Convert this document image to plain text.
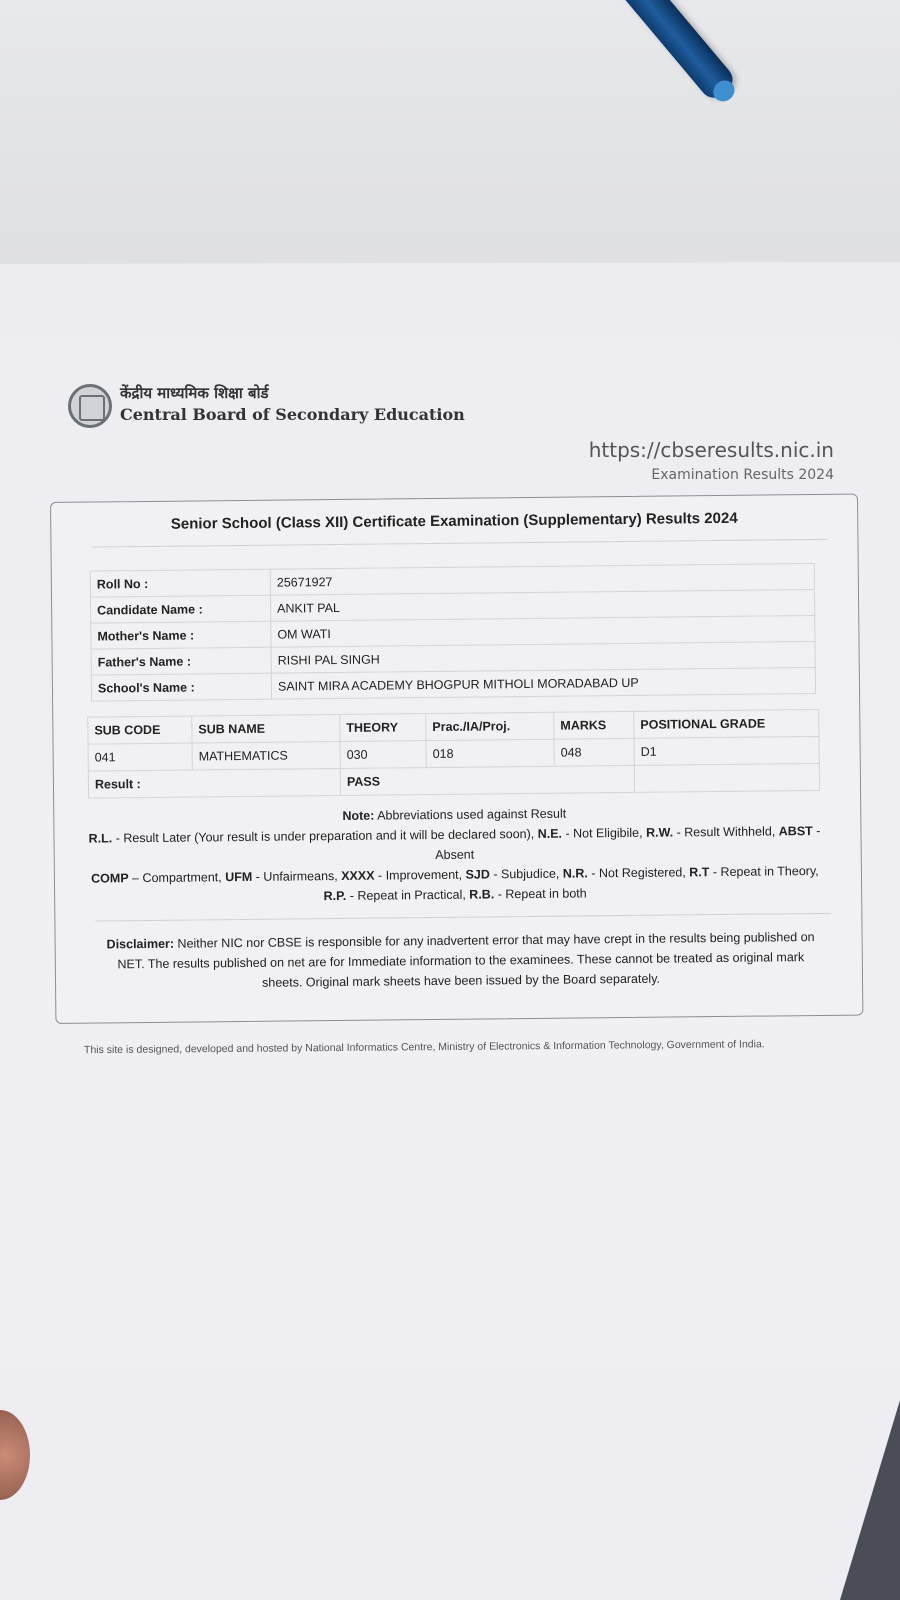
केंद्रीय माध्यमिक शिक्षा बोर्ड
Central Board of Secondary Education
https://cbseresults.nic.in
Examination Results 2024
Senior School (Class XII) Certificate Examination (Supplementary) Results 2024
Roll No :	25671927
Candidate Name :	ANKIT PAL
Mother's Name :	OM WATI
Father's Name :	RISHI PAL SINGH
School's Name :	SAINT MIRA ACADEMY BHOGPUR MITHOLI MORADABAD UP
SUB CODE	SUB NAME	THEORY	Prac./IA/Proj.	MARKS	POSITIONAL GRADE
041	MATHEMATICS	030	018	048	D1
Result :		PASS			
Note: Abbreviations used against Result
R.L. - Result Later (Your result is under preparation and it will be declared soon), N.E. - Not Eligibile, R.W. - Result Withheld, ABST - Absent
COMP – Compartment, UFM - Unfairmeans, XXXX - Improvement, SJD - Subjudice, N.R. - Not Registered, R.T - Repeat in Theory, R.P. - Repeat in Practical, R.B. - Repeat in both
Disclaimer: Neither NIC nor CBSE is responsible for any inadvertent error that may have crept in the results being published on NET. The results published on net are for Immediate information to the examinees. These cannot be treated as original mark sheets. Original mark sheets have been issued by the Board separately.
This site is designed, developed and hosted by National Informatics Centre, Ministry of Electronics & Information Technology, Government of India.
